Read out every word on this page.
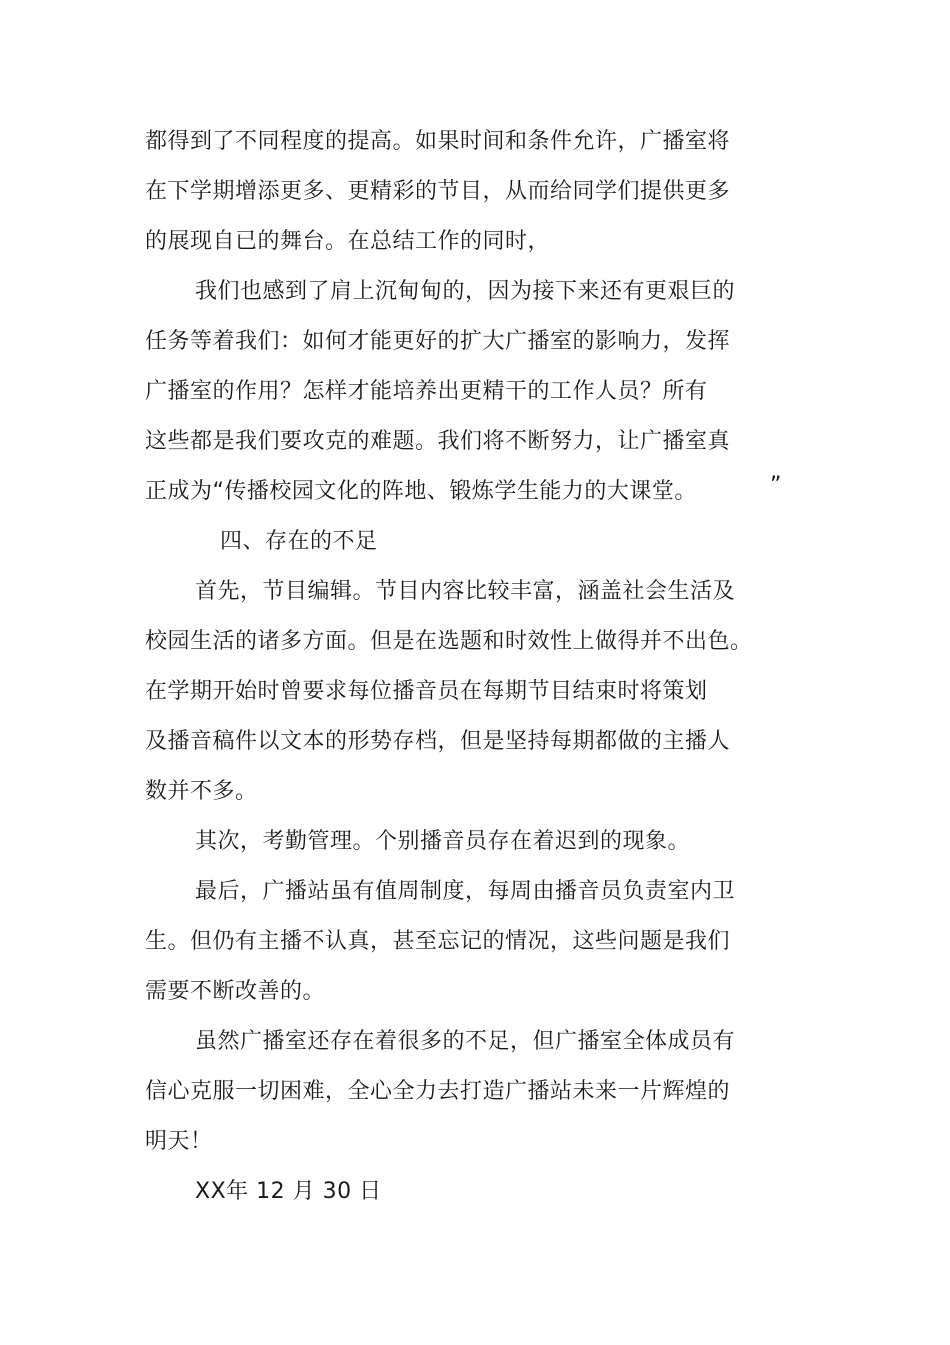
都得到了不同程度的提高。如果时间和条件允许，广播室将
在下学期增添更多、更精彩的节目，从而给同学们提供更多
的展现自已的舞台。在总结工作的同时，
我们也感到了肩上沉甸甸的，因为接下来还有更艰巨的
任务等着我们：如何才能更好的扩大广播室的影响力，发挥
广播室的作用？怎样才能培养出更精干的工作人员？所有
这些都是我们要攻克的难题。我们将不断努力，让广播室真
正成为“传播校园文化的阵地、锻炼学生能力的大课堂。	”
四、存在的不足
首先，节目编辑。节目内容比较丰富，涵盖社会生活及
校园生活的诸多方面。但是在选题和时效性上做得并不出色。
在学期开始时曾要求每位播音员在每期节目结束时将策划
及播音稿件以文本的形势存档，但是坚持每期都做的主播人
数并不多。
其次，考勤管理。个别播音员存在着迟到的现象。
最后，广播站虽有值周制度，每周由播音员负责室内卫
生。但仍有主播不认真，甚至忘记的情况，这些问题是我们
需要不断改善的。
虽然广播室还存在着很多的不足，但广播室全体成员有
信心克服一切困难，全心全力去打造广播站未来一片辉煌的
明天！
XX年 12 月 30 日
